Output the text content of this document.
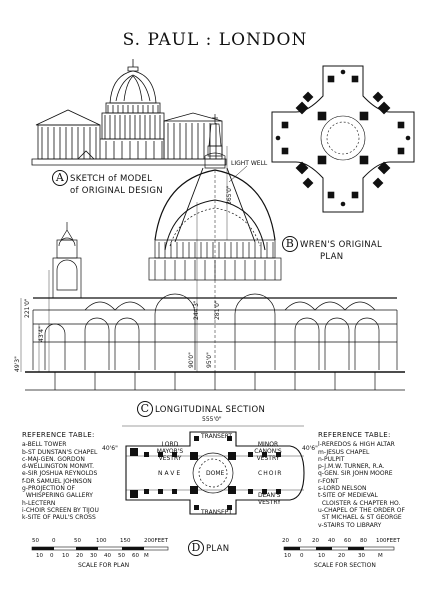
S. PAUL : LONDON
A SKETCH of MODEL
of ORIGINAL DESIGN
B WREN'S ORIGINAL
PLAN
LIGHT WELL
365'0"
244'3" 281'0"
90'0" 95'0"
43'4"
49'3"
221'0"
C LONGITUDINAL SECTION
555'0"
LORD MAYOR'S VESTRY
TRANSEPT
MINOR CANON'S VESTRY
NAVE	DOME	CHOIR
DEAN'S VESTRY
TRANSEPT
40'6"	40'6"
D PLAN
REFERENCE TABLE:
a-BELL TOWER
b-ST DUNSTAN'S CHAPEL
c-MAJ-GEN. GORDON
d-WELLINGTON MONMT.
e-SIR JOSHUA REYNOLDS
f-DR SAMUEL JOHNSON
g-PROJECTION OF
WHISPERING GALLERY
h-LECTERN
i-CHOIR SCREEN BY TIJOU
k-SITE OF PAUL'S CROSS
REFERENCE TABLE:
l-REREDOS & HIGH ALTAR
m-JESUS CHAPEL
n-PULPIT
p-J.M.W. TURNER, R.A.
q-GEN. SIR JOHN MOORE
r-FONT
s-LORD NELSON
t-SITE OF MEDIEVAL
CLOISTER & CHAPTER HO.
u-CHAPEL OF THE ORDER OF
ST MICHAEL & ST GEORGE
v-STAIRS TO LIBRARY
50 0	50	100 150 200FEET
10 0 10 20 30 40 50 60 M
SCALE FOR PLAN
20 0 20 40 60 80 100FEET
10 0	10 20 30 M
SCALE FOR SECTION
